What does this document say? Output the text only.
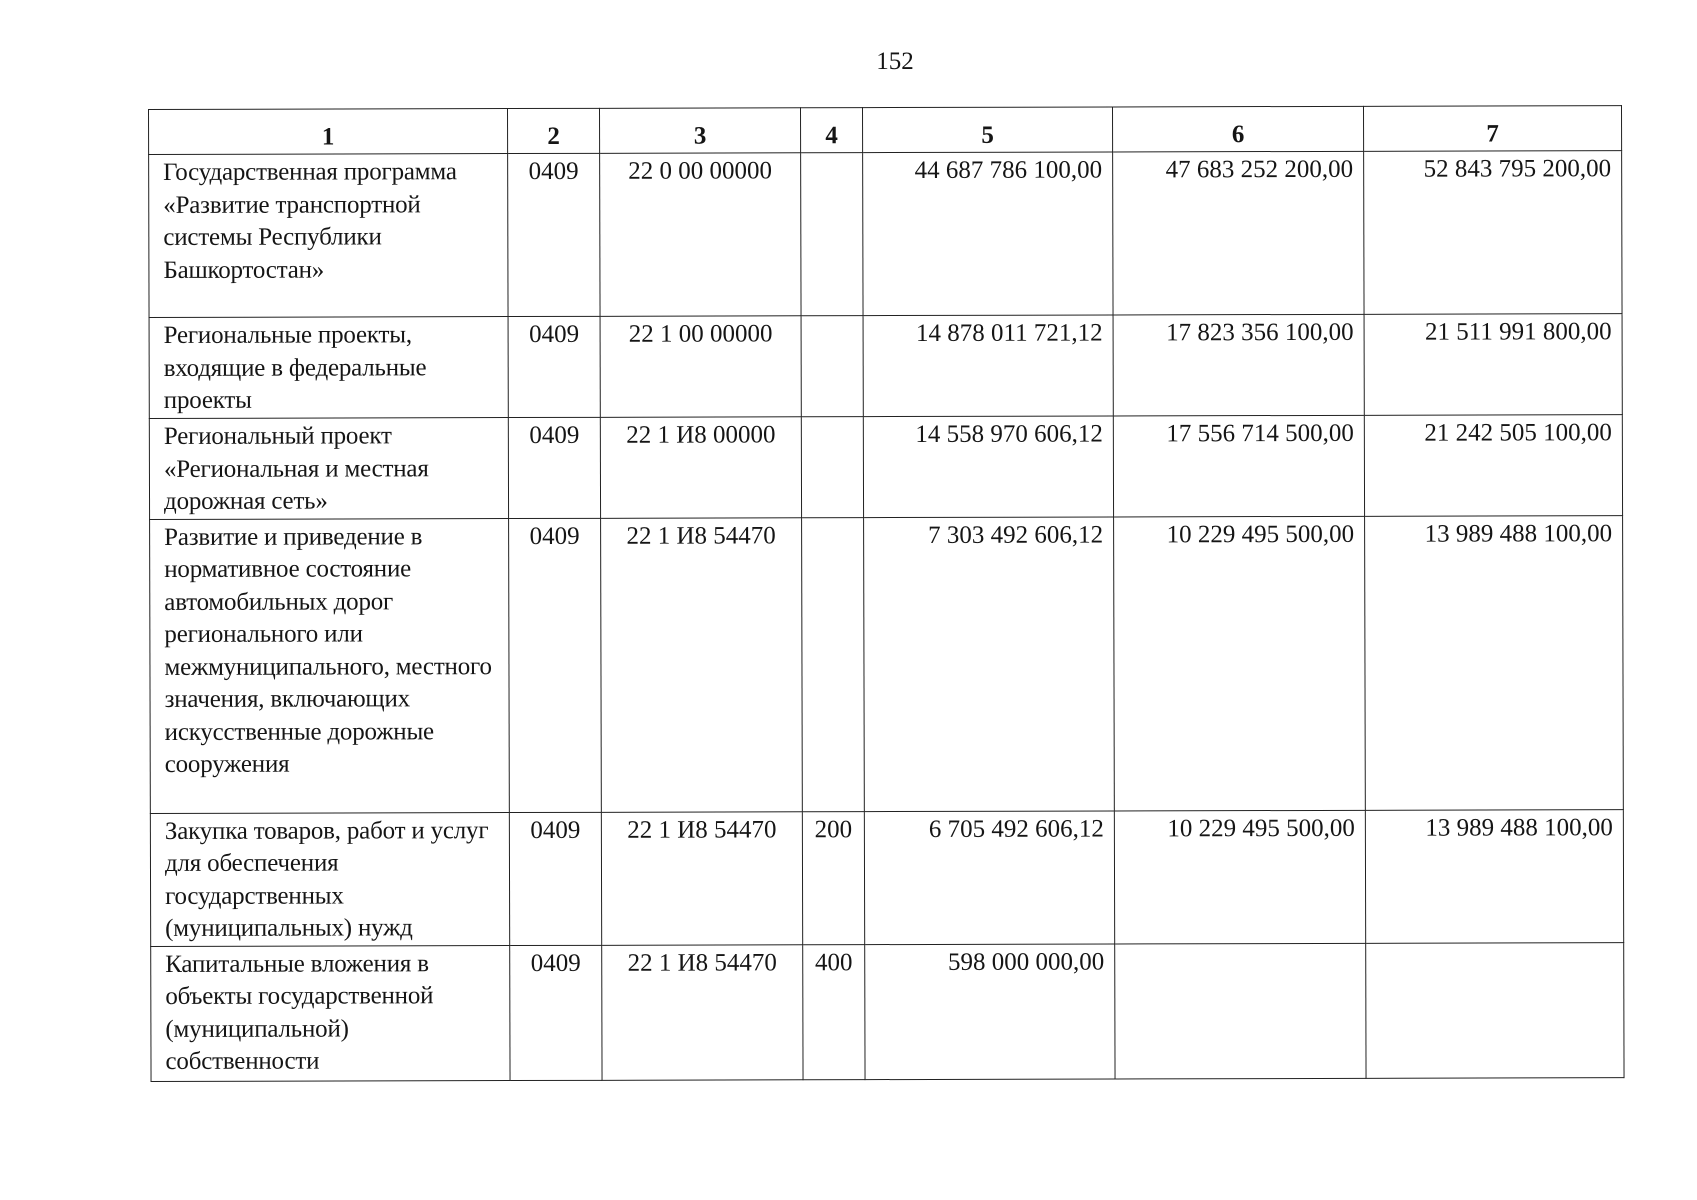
152
1	2	3	4	5	6	7
Государственная программа «Развитие транспортной системы Республики Башкортостан»	0409	22 0 00 00000		44 687 786 100,00	47 683 252 200,00	52 843 795 200,00
Региональные проекты, входящие в федеральные проекты	0409	22 1 00 00000		14 878 011 721,12	17 823 356 100,00	21 511 991 800,00
Региональный проект «Региональная и местная дорожная сеть»	0409	22 1 И8 00000		14 558 970 606,12	17 556 714 500,00	21 242 505 100,00
Развитие и приведение в нормативное состояние автомобильных дорог регионального или межмуниципального, местного значения, включающих искусственные дорожные сооружения	0409	22 1 И8 54470		7 303 492 606,12	10 229 495 500,00	13 989 488 100,00
Закупка товаров, работ и услуг для обеспечения государственных (муниципальных) нужд	0409	22 1 И8 54470	200	6 705 492 606,12	10 229 495 500,00	13 989 488 100,00
Капитальные вложения в объекты государственной (муниципальной) собственности	0409	22 1 И8 54470	400	598 000 000,00		
